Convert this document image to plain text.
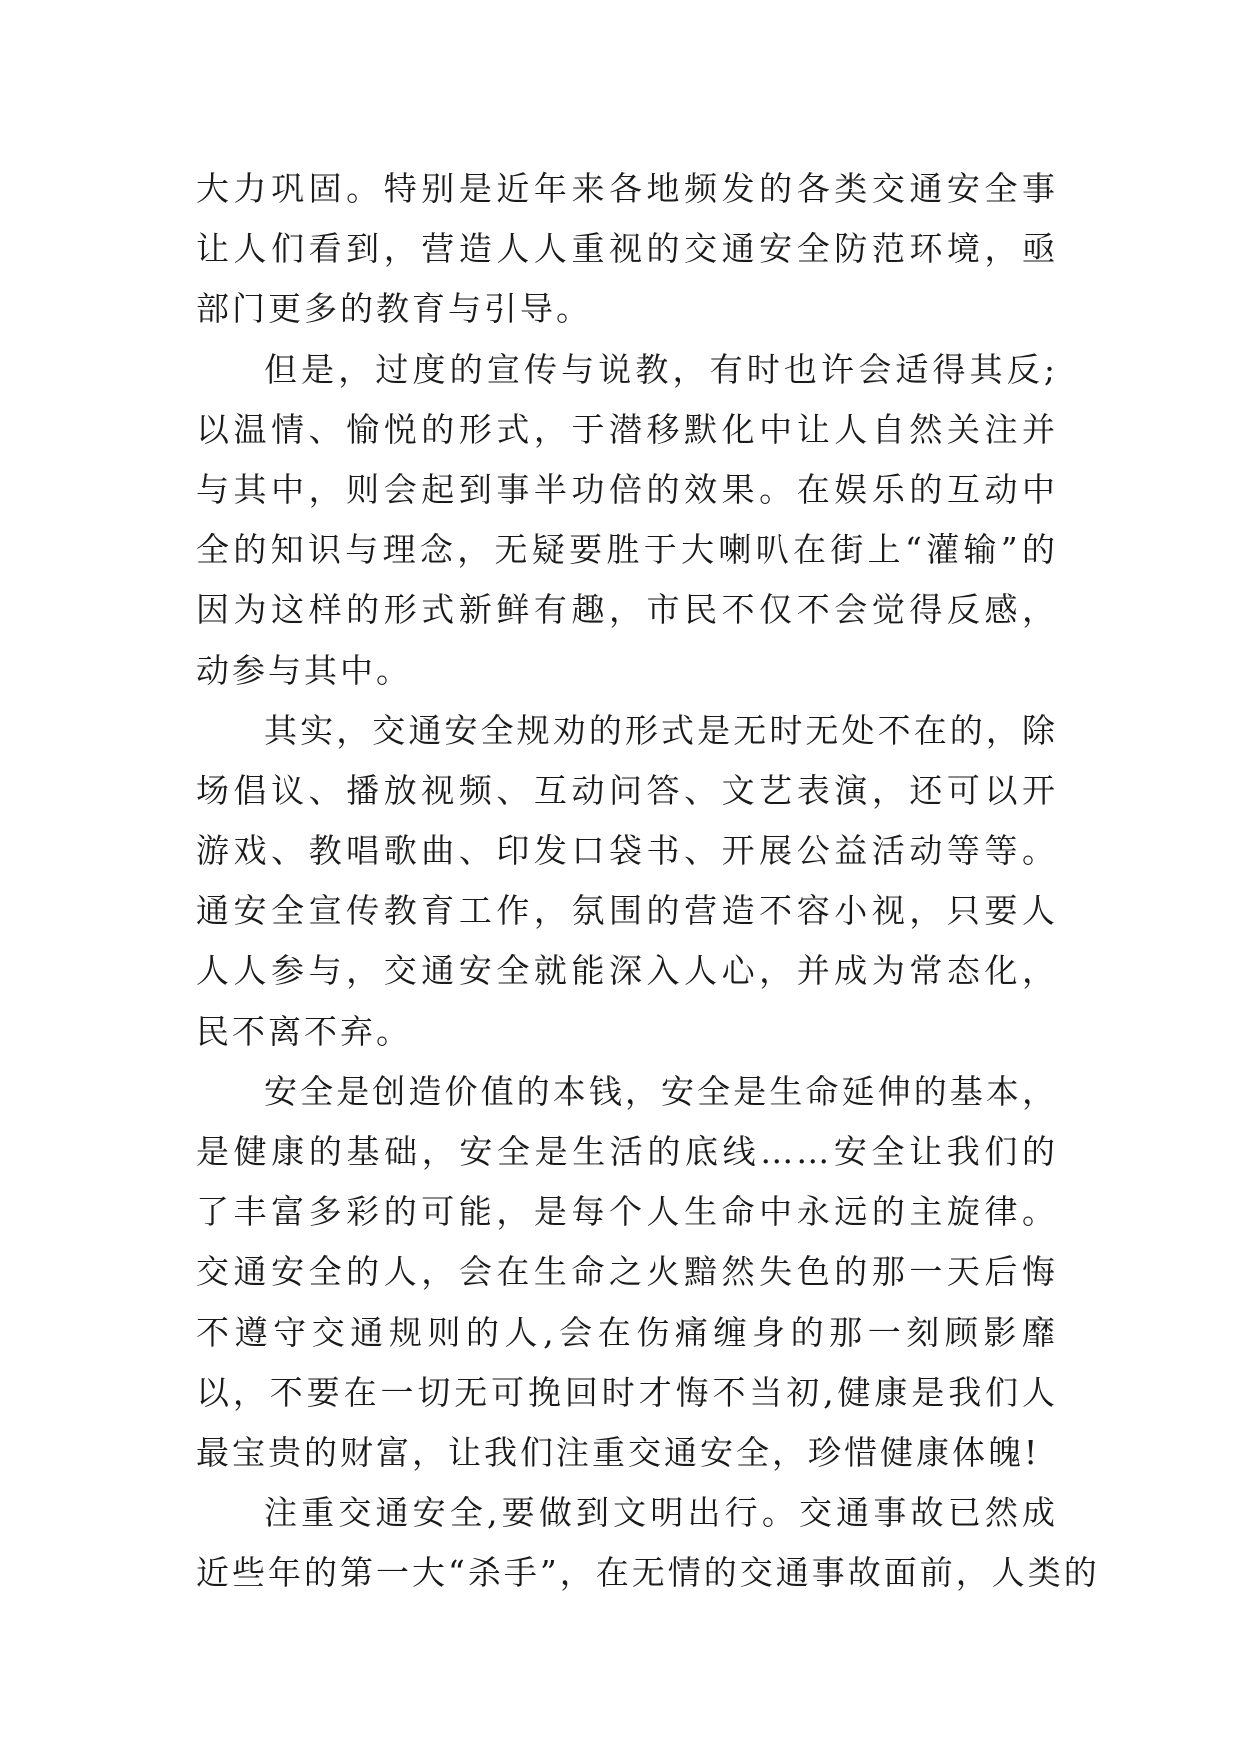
大力巩固。特别是近年来各地频发的各类交通安全事
让人们看到，营造人人重视的交通安全防范环境，亟
部门更多的教育与引导。
但是，过度的宣传与说教，有时也许会适得其反;
以温情、愉悦的形式，于潜移默化中让人自然关注并
与其中，则会起到事半功倍的效果。在娱乐的互动中
全的知识与理念，无疑要胜于大喇叭在街上“灌输”的
因为这样的形式新鲜有趣，市民不仅不会觉得反感，
动参与其中。
其实，交通安全规劝的形式是无时无处不在的，除
场倡议、播放视频、互动问答、文艺表演，还可以开
游戏、教唱歌曲、印发口袋书、开展公益活动等等。
通安全宣传教育工作，氛围的营造不容小视，只要人
人人参与，交通安全就能深入人心，并成为常态化，
民不离不弃。
安全是创造价值的本钱，安全是生命延伸的基本，
是健康的基础，安全是生活的底线……安全让我们的
了丰富多彩的可能，是每个人生命中永远的主旋律。
交通安全的人，会在生命之火黯然失色的那一天后悔
不遵守交通规则的人,会在伤痛缠身的那一刻顾影靡
以，不要在一切无可挽回时才悔不当初,健康是我们人
最宝贵的财富，让我们注重交通安全，珍惜健康体魄!
注重交通安全,要做到文明出行。交通事故已然成
近些年的第一大“杀手”，在无情的交通事故面前，人类的
